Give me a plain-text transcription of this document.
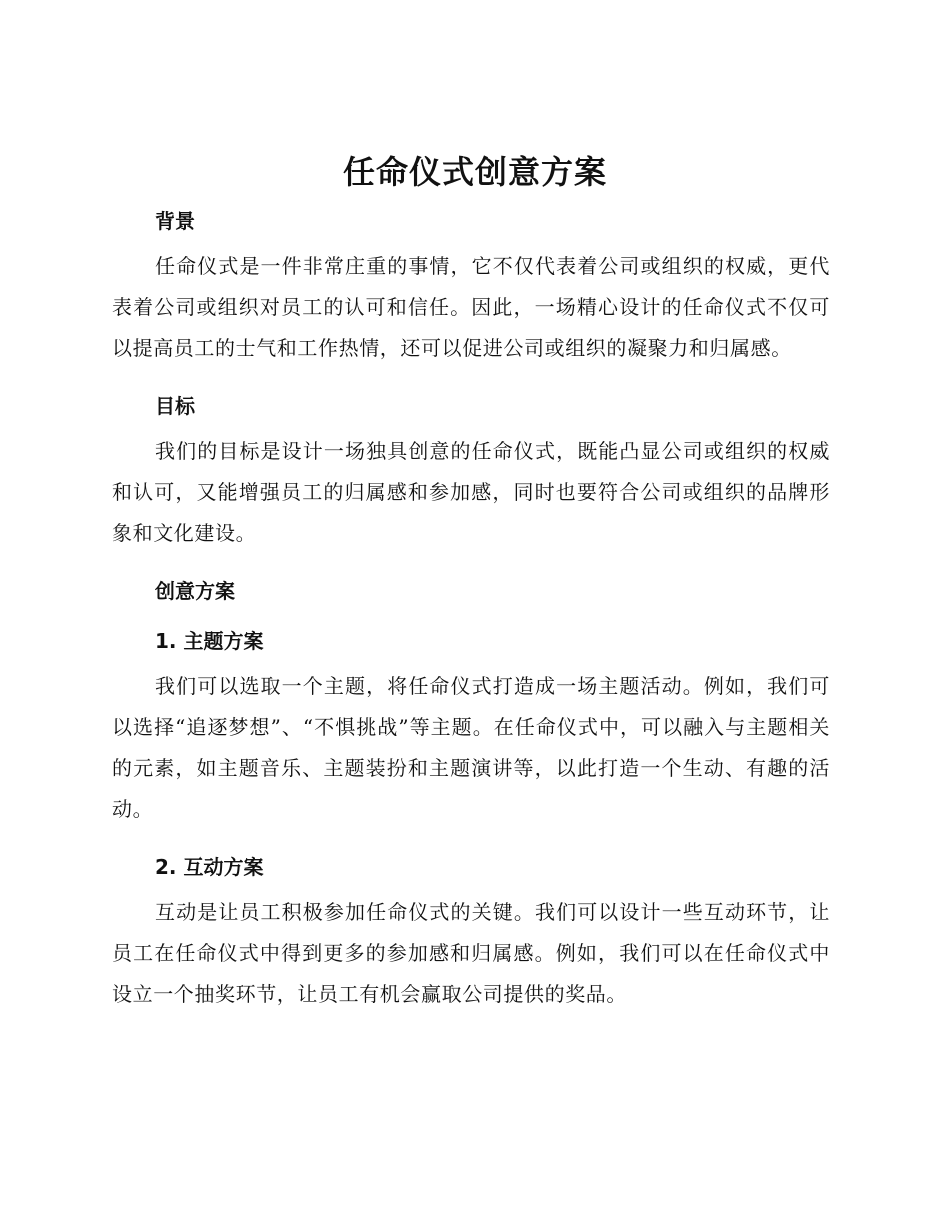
任命仪式创意方案
背景

任命仪式是一件非常庄重的事情，它不仅代表着公司或组织的权威，更代表着公司或组织对员工的认可和信任。因此，一场精心设计的任命仪式不仅可以提高员工的士气和工作热情，还可以促进公司或组织的凝聚力和归属感。

目标

我们的目标是设计一场独具创意的任命仪式，既能凸显公司或组织的权威和认可，又能增强员工的归属感和参加感，同时也要符合公司或组织的品牌形象和文化建设。

创意方案
1. 主题方案

我们可以选取一个主题，将任命仪式打造成一场主题活动。例如，我们可以选择“追逐梦想”、“不惧挑战”等主题。在任命仪式中，可以融入与主题相关的元素，如主题音乐、主题装扮和主题演讲等，以此打造一个生动、有趣的活动。

2. 互动方案

互动是让员工积极参加任命仪式的关键。我们可以设计一些互动环节，让员工在任命仪式中得到更多的参加感和归属感。例如，我们可以在任命仪式中设立一个抽奖环节，让员工有机会赢取公司提供的奖品。
